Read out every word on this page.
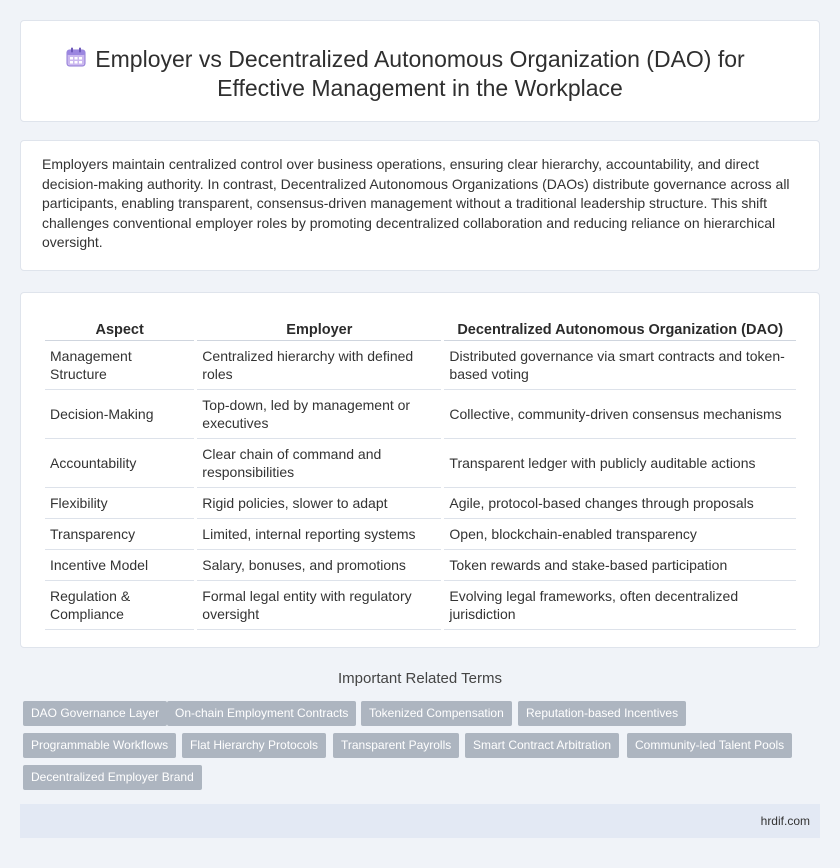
Employer vs Decentralized Autonomous Organization (DAO) for Effective Management in the Workplace

Employers maintain centralized control over business operations, ensuring clear hierarchy, accountability, and direct decision-making authority. In contrast, Decentralized Autonomous Organizations (DAOs) distribute governance across all participants, enabling transparent, consensus-driven management without a traditional leadership structure. This shift challenges conventional employer roles by promoting decentralized collaboration and reducing reliance on hierarchical oversight.

Aspect	Employer	Decentralized Autonomous Organization (DAO)
Management Structure	Centralized hierarchy with defined roles	Distributed governance via smart contracts and token-based voting
Decision-Making	Top-down, led by management or executives	Collective, community-driven consensus mechanisms
Accountability	Clear chain of command and responsibilities	Transparent ledger with publicly auditable actions
Flexibility	Rigid policies, slower to adapt	Agile, protocol-based changes through proposals
Transparency	Limited, internal reporting systems	Open, blockchain-enabled transparency
Incentive Model	Salary, bonuses, and promotions	Token rewards and stake-based participation
Regulation & Compliance	Formal legal entity with regulatory oversight	Evolving legal frameworks, often decentralized jurisdiction
Important Related Terms
DAO Governance Layer	On-chain Employment Contracts	Tokenized Compensation	Reputation-based Incentives
Programmable Workflows	Flat Hierarchy Protocols	Transparent Payrolls	Smart Contract Arbitration	Community-led Talent Pools
Decentralized Employer Brand
hrdif.com
